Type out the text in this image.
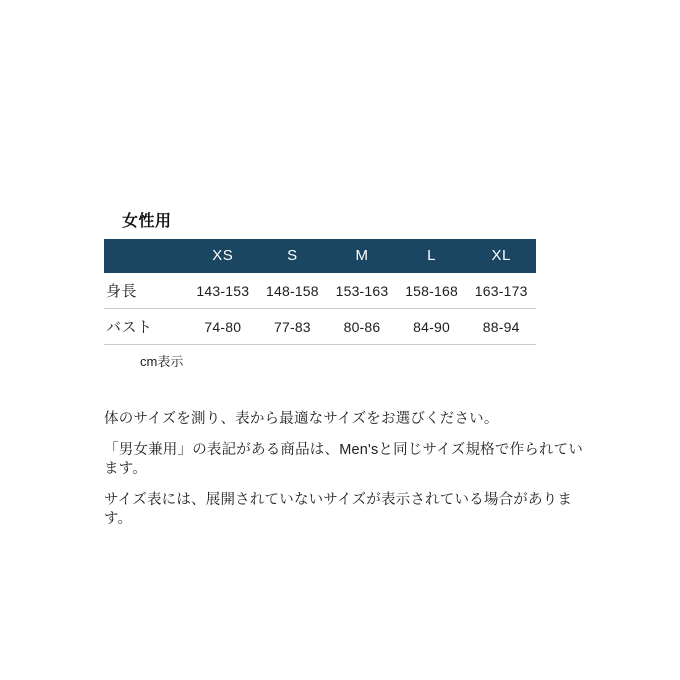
女性用
	XS	S	M	L	XL
身長	143-153	148-158	153-163	158-168	163-173
バスト	74-80	77-83	80-86	84-90	88-94
cm表示

体のサイズを測り、表から最適なサイズをお選びください。

「男女兼用」の表記がある商品は、Men'sと同じサイズ規格で作られています。

サイズ表には、展開されていないサイズが表示されている場合があります。
